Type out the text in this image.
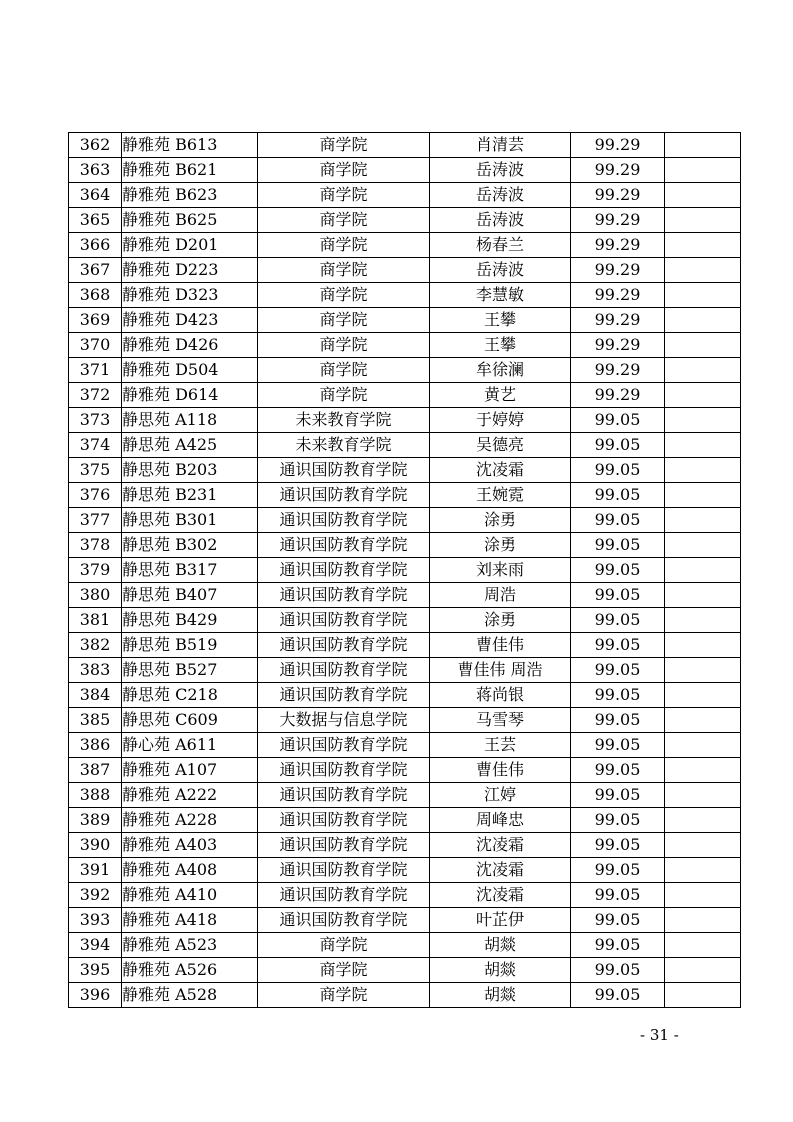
362	静雅苑 B613	商学院	肖清芸	99.29	
363	静雅苑 B621	商学院	岳涛波	99.29	
364	静雅苑 B623	商学院	岳涛波	99.29	
365	静雅苑 B625	商学院	岳涛波	99.29	
366	静雅苑 D201	商学院	杨春兰	99.29	
367	静雅苑 D223	商学院	岳涛波	99.29	
368	静雅苑 D323	商学院	李慧敏	99.29	
369	静雅苑 D423	商学院	王攀	99.29	
370	静雅苑 D426	商学院	王攀	99.29	
371	静雅苑 D504	商学院	牟徐澜	99.29	
372	静雅苑 D614	商学院	黄艺	99.29	
373	静思苑 A118	未来教育学院	于婷婷	99.05	
374	静思苑 A425	未来教育学院	吴德亮	99.05	
375	静思苑 B203	通识国防教育学院	沈凌霜	99.05	
376	静思苑 B231	通识国防教育学院	王婉霓	99.05	
377	静思苑 B301	通识国防教育学院	涂勇	99.05	
378	静思苑 B302	通识国防教育学院	涂勇	99.05	
379	静思苑 B317	通识国防教育学院	刘来雨	99.05	
380	静思苑 B407	通识国防教育学院	周浩	99.05	
381	静思苑 B429	通识国防教育学院	涂勇	99.05	
382	静思苑 B519	通识国防教育学院	曹佳伟	99.05	
383	静思苑 B527	通识国防教育学院	曹佳伟 周浩	99.05	
384	静思苑 C218	通识国防教育学院	蒋尚银	99.05	
385	静思苑 C609	大数据与信息学院	马雪琴	99.05	
386	静心苑 A611	通识国防教育学院	王芸	99.05	
387	静雅苑 A107	通识国防教育学院	曹佳伟	99.05	
388	静雅苑 A222	通识国防教育学院	江婷	99.05	
389	静雅苑 A228	通识国防教育学院	周峰忠	99.05	
390	静雅苑 A403	通识国防教育学院	沈凌霜	99.05	
391	静雅苑 A408	通识国防教育学院	沈凌霜	99.05	
392	静雅苑 A410	通识国防教育学院	沈凌霜	99.05	
393	静雅苑 A418	通识国防教育学院	叶芷伊	99.05	
394	静雅苑 A523	商学院	胡燚	99.05	
395	静雅苑 A526	商学院	胡燚	99.05	
396	静雅苑 A528	商学院	胡燚	99.05	
- 31 -
